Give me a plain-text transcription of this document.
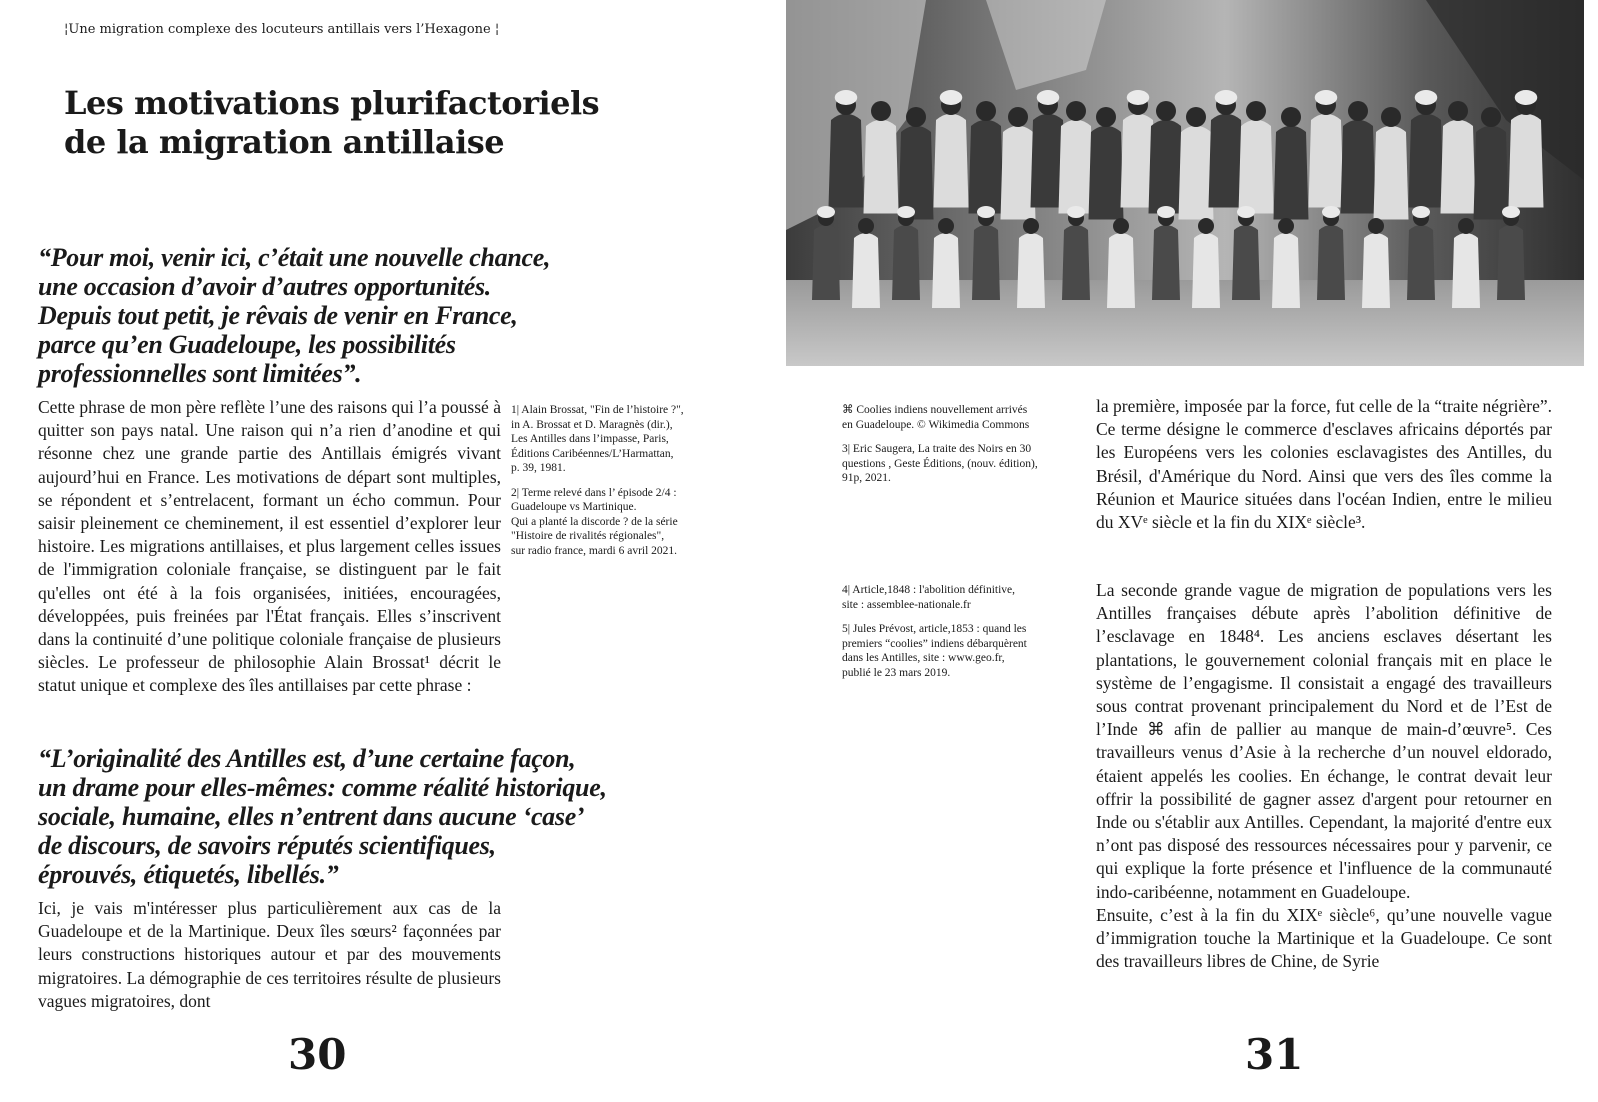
¦Une migration complexe des locuteurs antillais vers l’Hexagone ¦
Les motivations plurifactoriels
de la migration antillaise
“Pour moi, venir ici, c’était une nouvelle chance,
une occasion d’avoir d’autres opportunités.
Depuis tout petit, je rêvais de venir en France,
parce qu’en Guadeloupe, les possibilités
professionnelles sont limitées”.

Cette phrase de mon père reflète l’une des raisons qui l’a poussé à quitter son pays natal. Une raison qui n’a rien d’anodine et qui résonne chez une grande partie des Antillais émigrés vivant aujourd’hui en France. Les motivations de départ sont multiples, se répondent et s’entrelacent, formant un écho commun. Pour saisir pleinement ce cheminement, il est essentiel d’explorer leur histoire. Les migrations antillaises, et plus largement celles issues de l'immigration coloniale française, se distinguent par le fait qu'elles ont été à la fois organisées, initiées, encouragées, développées, puis freinées par l'État français. Elles s’inscrivent dans la continuité d’une politique coloniale française de plusieurs siècles. Le professeur de philosophie Alain Brossat¹ décrit le statut unique et complexe des îles antillaises par cette phrase :

1| Alain Brossat, "Fin de l’histoire ?",
in A. Brossat et D. Maragnès (dir.),
Les Antilles dans l’impasse, Paris,
Éditions Caribéennes/L’Harmattan,
p. 39, 1981.
2| Terme relevé dans l’ épisode 2/4 :
Guadeloupe vs Martinique.
Qui a planté la discorde ? de la série
"Histoire de rivalités régionales",
sur radio france, mardi 6 avril 2021.
“L’originalité des Antilles est, d’une certaine façon,
un drame pour elles-mêmes: comme réalité historique,
sociale, humaine, elles n’entrent dans aucune ‘case’
de discours, de savoirs réputés scientifiques,
éprouvés, étiquetés, libellés.”

Ici, je vais m'intéresser plus particulièrement aux cas de la Guadeloupe et de la Martinique. Deux îles sœurs² façonnées par leurs constructions historiques autour et par des mouvements migratoires. La démographie de ces territoires résulte de plusieurs vagues migratoires, dont

30
⌘ Coolies indiens nouvellement arrivés
en Guadeloupe. © Wikimedia Commons
3| Eric Saugera, La traite des Noirs en 30
questions , Geste Éditions, (nouv. édition),
91p, 2021.
4| Article,1848 : l'abolition définitive,
site : assemblee-nationale.fr
5| Jules Prévost, article,1853 : quand les
premiers “coolies” indiens débarquèrent
dans les Antilles, site : www.geo.fr,
publié le 23 mars 2019.

la première, imposée par la force, fut celle de la “traite négrière”. Ce terme désigne le commerce d'esclaves africains déportés par les Européens vers les colonies esclavagistes des Antilles, du Brésil, d'Amérique du Nord. Ainsi que vers des îles comme la Réunion et Maurice situées dans l'océan Indien, entre le milieu du XVᵉ siècle et la fin du XIXᵉ siècle³.

La seconde grande vague de migration de populations vers les Antilles françaises débute après l’abolition définitive de l’esclavage en 1848⁴. Les anciens esclaves désertant les plantations, le gouvernement colonial français mit en place le système de l’engagisme. Il consistait a engagé des travailleurs sous contrat provenant principalement du Nord et de l’Est de l’Inde ⌘ afin de pallier au manque de main-d’œuvre⁵. Ces travailleurs venus d’Asie à la recherche d’un nouvel eldorado, étaient appelés les coolies. En échange, le contrat devait leur offrir la possibilité de gagner assez d'argent pour retourner en Inde ou s'établir aux Antilles. Cependant, la majorité d'entre eux n’ont pas disposé des ressources nécessaires pour y parvenir, ce qui explique la forte présence et l'influence de la communauté indo-caribéenne, notamment en Guadeloupe.

Ensuite, c’est à la fin du XIXᵉ siècle⁶, qu’une nouvelle vague d’immigration touche la Martinique et la Guadeloupe. Ce sont des travailleurs libres de Chine, de Syrie

31
